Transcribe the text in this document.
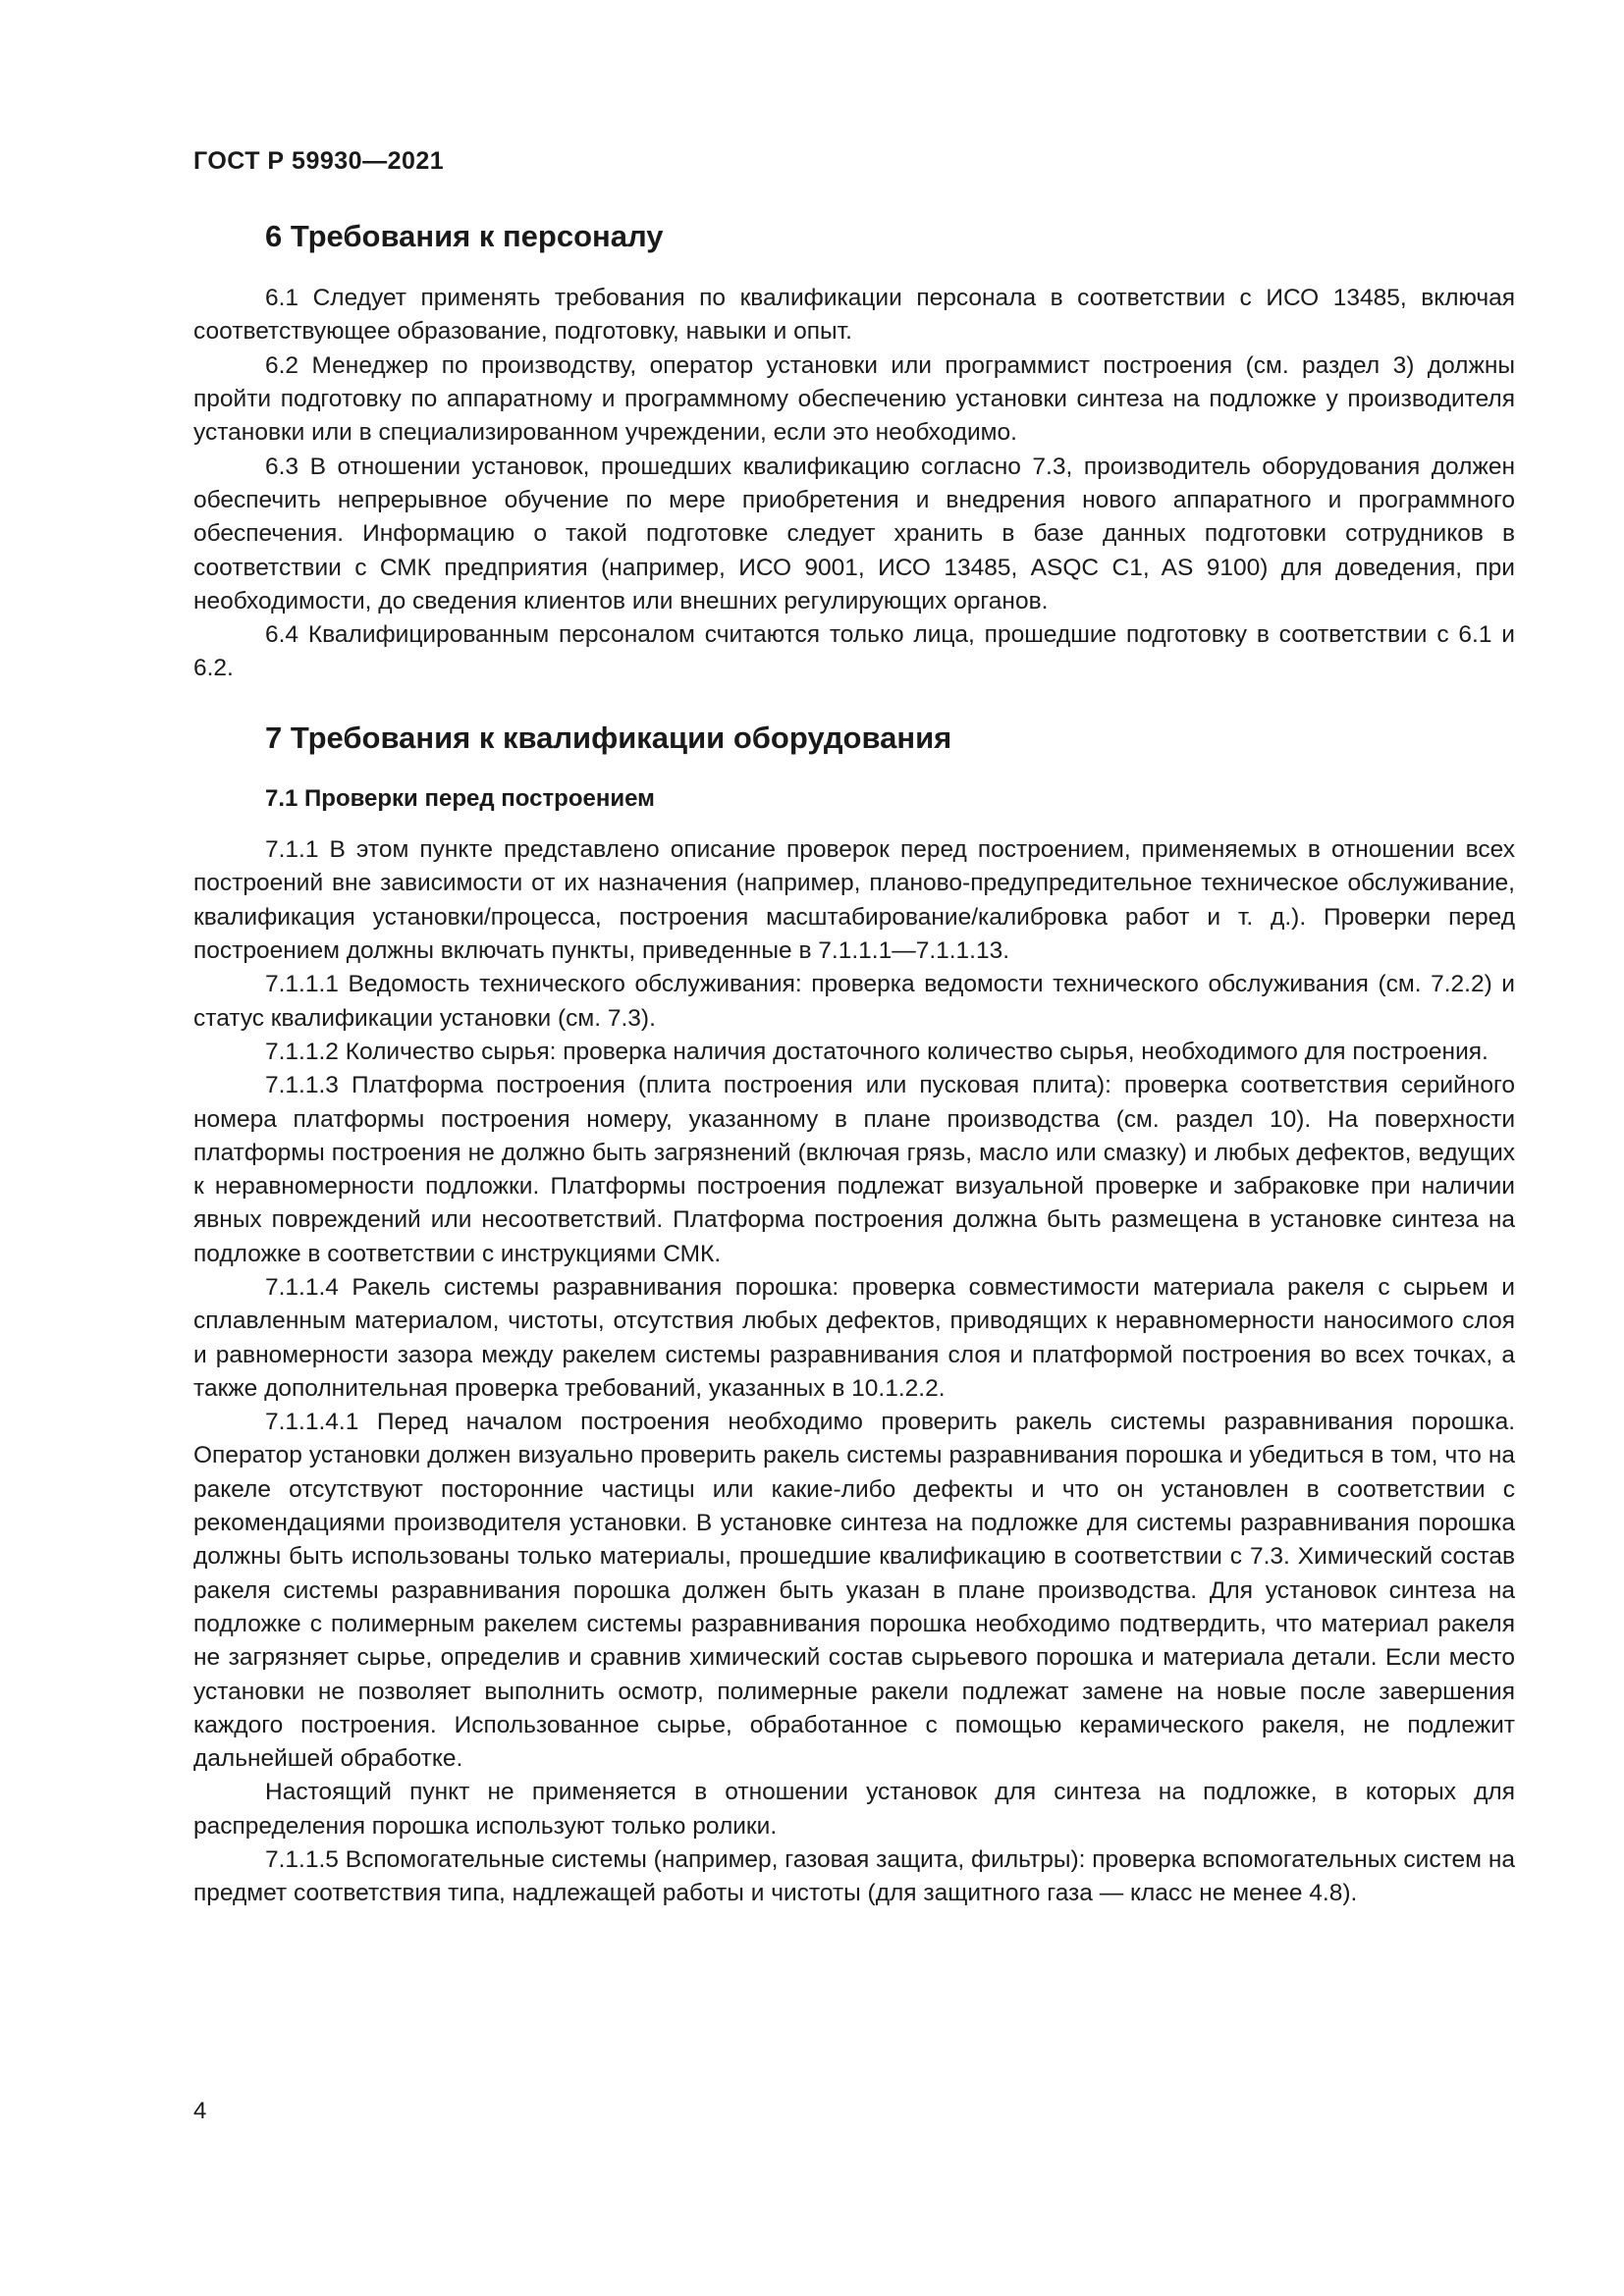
ГОСТ Р 59930—2021
6 Требования к персоналу

6.1 Следует применять требования по квалификации персонала в соответствии с ИСО 13485, включая соответствующее образование, подготовку, навыки и опыт.

6.2 Менеджер по производству, оператор установки или программист построения (см. раздел 3) должны пройти подготовку по аппаратному и программному обеспечению установки синтеза на подложке у производителя установки или в специализированном учреждении, если это необходимо.

6.3 В отношении установок, прошедших квалификацию согласно 7.3, производитель оборудования должен обеспечить непрерывное обучение по мере приобретения и внедрения нового аппаратного и программного обеспечения. Информацию о такой подготовке следует хранить в базе данных подготовки сотрудников в соответствии с СМК предприятия (например, ИСО 9001, ИСО 13485, ASQC C1, AS 9100) для доведения, при необходимости, до сведения клиентов или внешних регулирующих органов.

6.4 Квалифицированным персоналом считаются только лица, прошедшие подготовку в соответствии с 6.1 и 6.2.

7 Требования к квалификации оборудования
7.1 Проверки перед построением

7.1.1 В этом пункте представлено описание проверок перед построением, применяемых в отношении всех построений вне зависимости от их назначения (например, планово-предупредительное техническое обслуживание, квалификация установки/процесса, построения масштабирование/калибровка работ и т. д.). Проверки перед построением должны включать пункты, приведенные в 7.1.1.1—7.1.1.13.

7.1.1.1 Ведомость технического обслуживания: проверка ведомости технического обслуживания (см. 7.2.2) и статус квалификации установки (см. 7.3).

7.1.1.2 Количество сырья: проверка наличия достаточного количество сырья, необходимого для построения.

7.1.1.3 Платформа построения (плита построения или пусковая плита): проверка соответствия серийного номера платформы построения номеру, указанному в плане производства (см. раздел 10). На поверхности платформы построения не должно быть загрязнений (включая грязь, масло или смазку) и любых дефектов, ведущих к неравномерности подложки. Платформы построения подлежат визуальной проверке и забраковке при наличии явных повреждений или несоответствий. Платформа построения должна быть размещена в установке синтеза на подложке в соответствии с инструкциями СМК.

7.1.1.4 Ракель системы разравнивания порошка: проверка совместимости материала ракеля с сырьем и сплавленным материалом, чистоты, отсутствия любых дефектов, приводящих к неравномерности наносимого слоя и равномерности зазора между ракелем системы разравнивания слоя и платформой построения во всех точках, а также дополнительная проверка требований, указанных в 10.1.2.2.

7.1.1.4.1 Перед началом построения необходимо проверить ракель системы разравнивания порошка. Оператор установки должен визуально проверить ракель системы разравнивания порошка и убедиться в том, что на ракеле отсутствуют посторонние частицы или какие-либо дефекты и что он установлен в соответствии с рекомендациями производителя установки. В установке синтеза на подложке для системы разравнивания порошка должны быть использованы только материалы, прошедшие квалификацию в соответствии с 7.3. Химический состав ракеля системы разравнивания порошка должен быть указан в плане производства. Для установок синтеза на подложке с полимерным ракелем системы разравнивания порошка необходимо подтвердить, что материал ракеля не загрязняет сырье, определив и сравнив химический состав сырьевого порошка и материала детали. Если место установки не позволяет выполнить осмотр, полимерные ракели подлежат замене на новые после завершения каждого построения. Использованное сырье, обработанное с помощью керамического ракеля, не подлежит дальнейшей обработке.

Настоящий пункт не применяется в отношении установок для синтеза на подложке, в которых для распределения порошка используют только ролики.

7.1.1.5 Вспомогательные системы (например, газовая защита, фильтры): проверка вспомогательных систем на предмет соответствия типа, надлежащей работы и чистоты (для защитного газа — класс не менее 4.8).

4
